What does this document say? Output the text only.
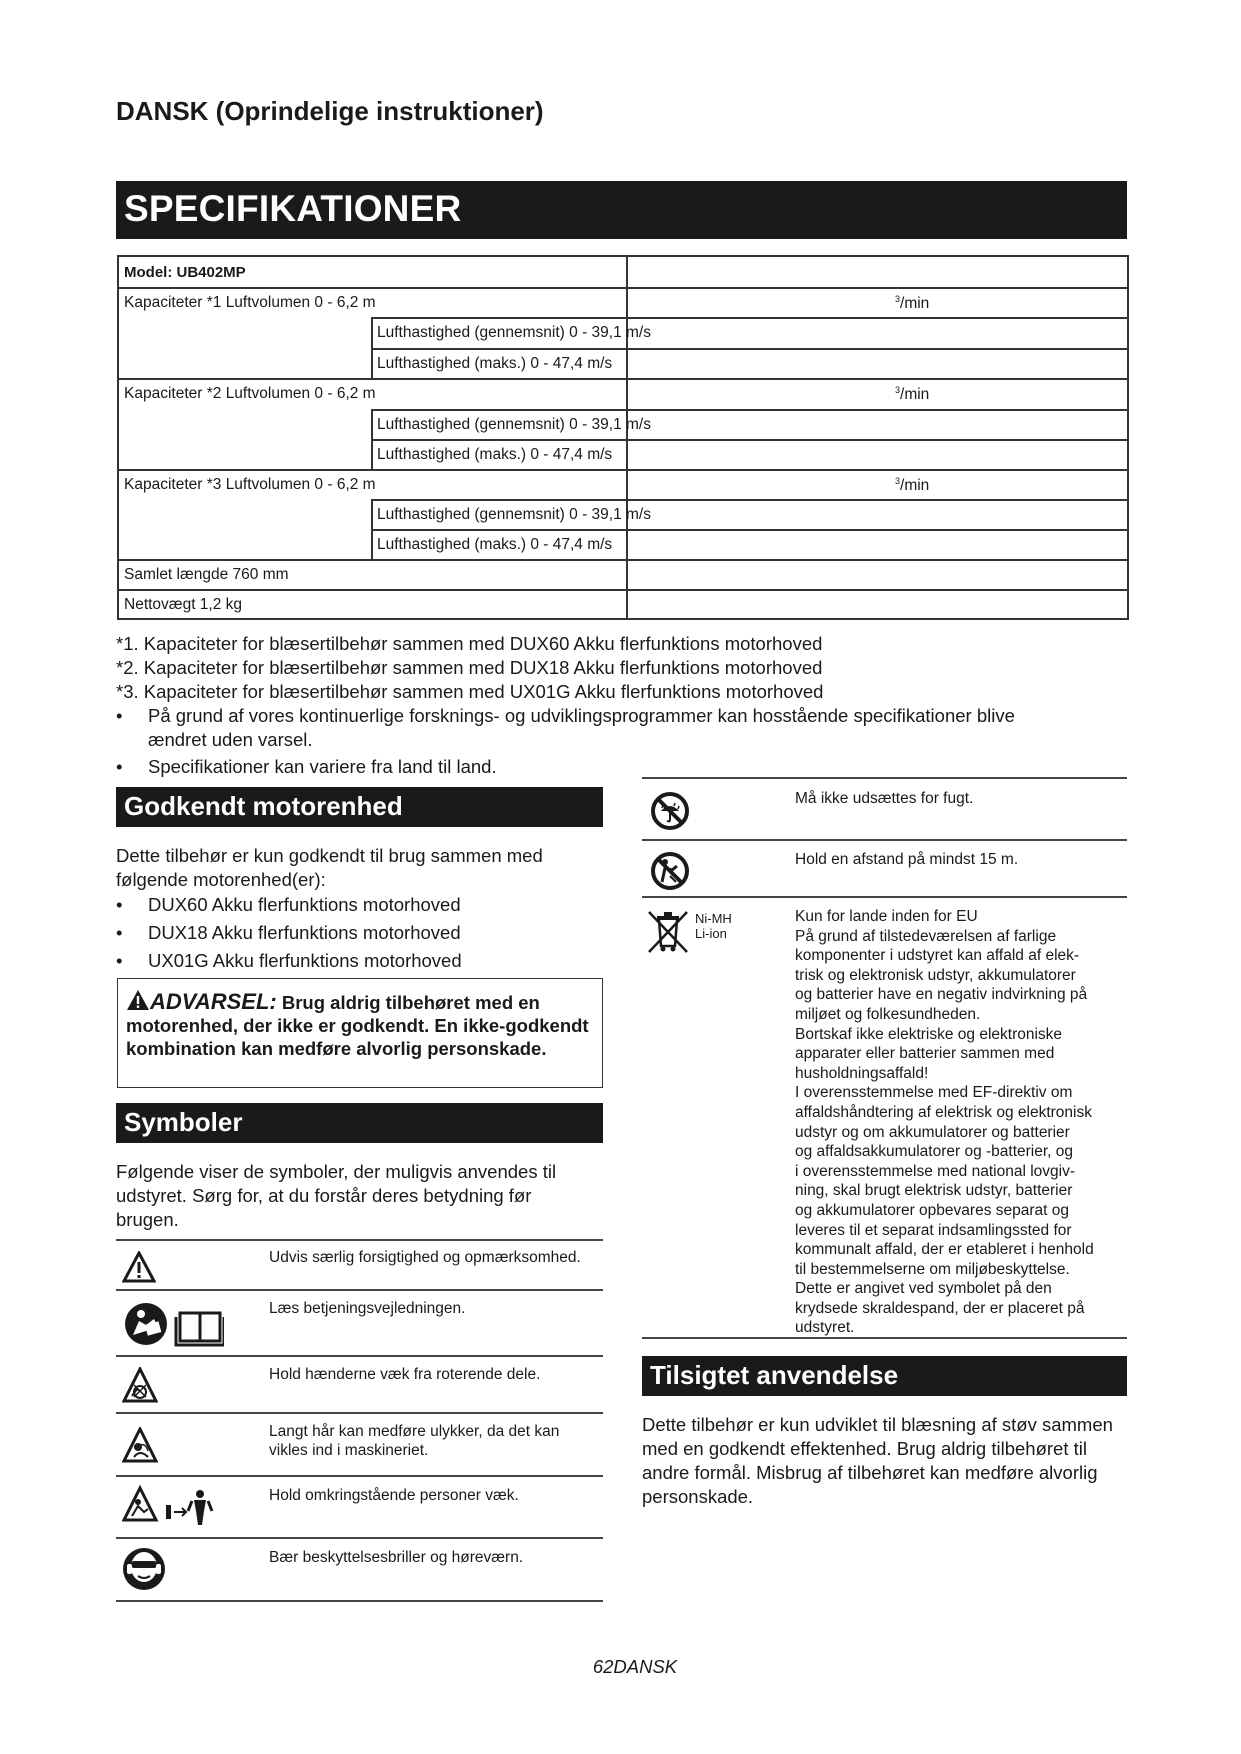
DANSK (Oprindelige instruktioner)
SPECIFIKATIONER
Model: UB402MP
Kapaciteter *1 Luftvolumen 0 - 6,2 m	$^3$/min
Lufthastighed (gennemsnit) 0 - 39,1 m/s
Lufthastighed (maks.) 0 - 47,4 m/s
Kapaciteter *2 Luftvolumen 0 - 6,2 m	$^3$/min
Lufthastighed (gennemsnit) 0 - 39,1 m/s
Lufthastighed (maks.) 0 - 47,4 m/s
Kapaciteter *3 Luftvolumen 0 - 6,2 m	$^3$/min
Lufthastighed (gennemsnit) 0 - 39,1 m/s
Lufthastighed (maks.) 0 - 47,4 m/s
Samlet længde 760 mm
Nettovægt 1,2 kg
*1. Kapaciteter for blæsertilbehør sammen med DUX60 Akku flerfunktions motorhoved
*2. Kapaciteter for blæsertilbehør sammen med DUX18 Akku flerfunktions motorhoved
*3. Kapaciteter for blæsertilbehør sammen med UX01G Akku flerfunktions motorhoved
• På grund af vores kontinuerlige forsknings- og udviklingsprogrammer kan hosstående specifikationer blive ændret uden varsel.
• Specifikationer kan variere fra land til land.
Godkendt motorenhed
Dette tilbehør er kun godkendt til brug sammen med følgende motorenhed(er):
• DUX60 Akku flerfunktions motorhoved
• DUX18 Akku flerfunktions motorhoved
• UX01G Akku flerfunktions motorhoved
ADVARSEL: Brug aldrig tilbehøret med en motorenhed, der ikke er godkendt. En ikke-godkendt kombination kan medføre alvorlig personskade.
Symboler
Følgende viser de symboler, der muligvis anvendes til udstyret. Sørg for, at du forstår deres betydning før brugen.
Udvis særlig forsigtighed og opmærksomhed.
Læs betjeningsvejledningen.
Hold hænderne væk fra roterende dele.
Langt hår kan medføre ulykker, da det kan vikles ind i maskineriet.
Hold omkringstående personer væk.
Bær beskyttelsesbriller og høreværn.
Må ikke udsættes for fugt.
Hold en afstand på mindst 15 m.
Ni-MH
Li-ion
Kun for lande inden for EU
På grund af tilstedeværelsen af farlige
komponenter i udstyret kan affald af elek-
trisk og elektronisk udstyr, akkumulatorer
og batterier have en negativ indvirkning på
miljøet og folkesundheden.
Bortskaf ikke elektriske og elektroniske
apparater eller batterier sammen med
husholdningsaffald!
I overensstemmelse med EF-direktiv om
affaldshåndtering af elektrisk og elektronisk
udstyr og om akkumulatorer og batterier
og affaldsakkumulatorer og -batterier, og
i overensstemmelse med national lovgiv-
ning, skal brugt elektrisk udstyr, batterier
og akkumulatorer opbevares separat og
leveres til et separat indsamlingssted for
kommunalt affald, der er etableret i henhold
til bestemmelserne om miljøbeskyttelse.
Dette er angivet ved symbolet på den
krydsede skraldespand, der er placeret på
udstyret.
Tilsigtet anvendelse
Dette tilbehør er kun udviklet til blæsning af støv sammen med en godkendt effektenhed. Brug aldrig tilbehøret til andre formål. Misbrug af tilbehøret kan medføre alvorlig personskade.
62DANSK
